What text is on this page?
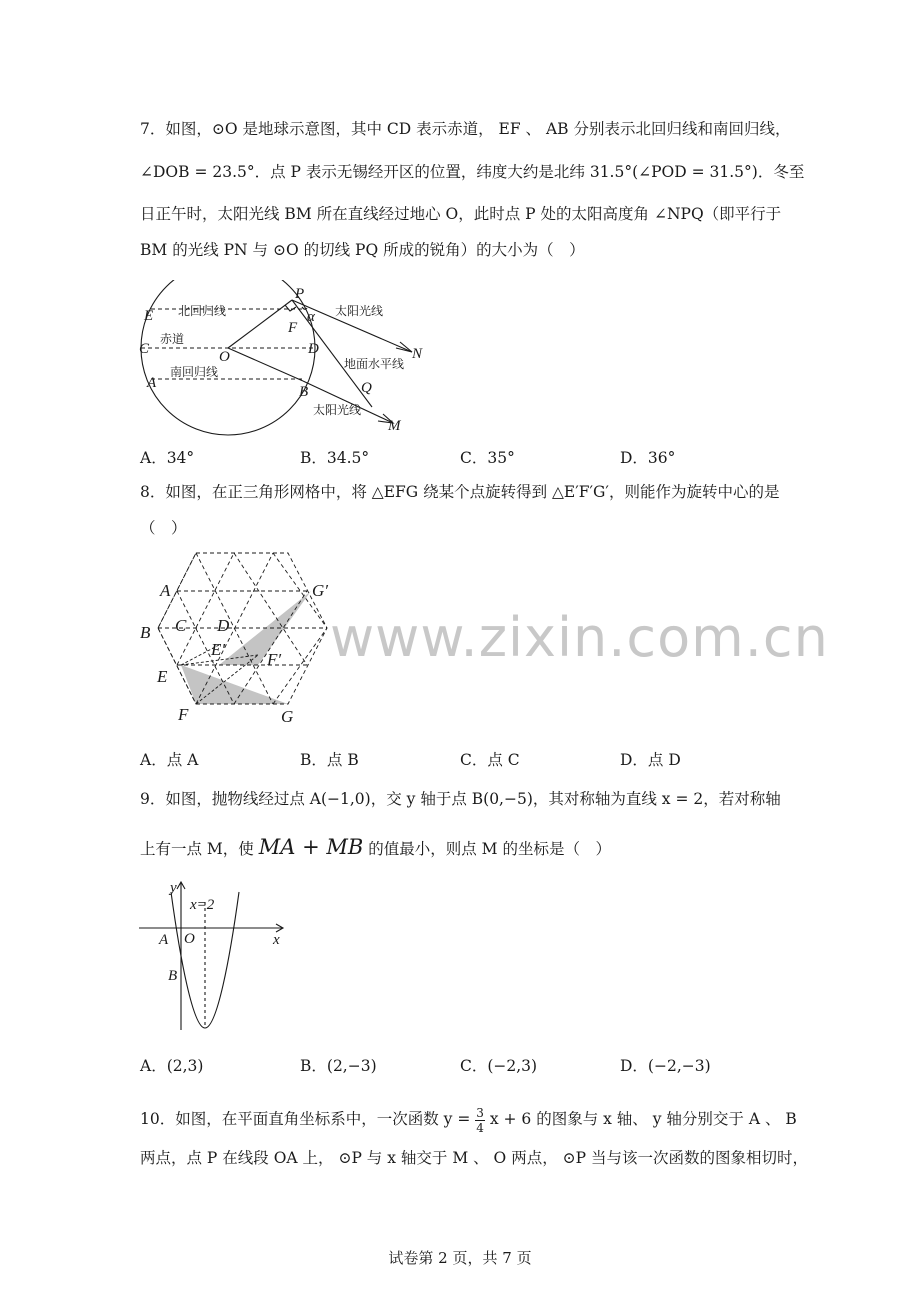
www.zixin.com.cn
7．如图，⊙O 是地球示意图，其中 CD 表示赤道， EF 、 AB 分别表示北回归线和南回归线，
∠DOB = 23.5°．点 P 表示无锡经开区的位置，纬度大约是北纬 31.5°(∠POD = 31.5°)．冬至
日正午时，太阳光线 BM 所在直线经过地心 O，此时点 P 处的太阳高度角 ∠NPQ（即平行于
BM 的光线 PN 与 ⊙O 的切线 PQ 所成的锐角）的大小为（　）
P
E
F
α
C	O	D	N
A
B	Q
M
北回归线	太阳光线
赤道
地面水平线
南回归线
太阳光线
A．34°	B．34.5°	C．35°	D．36°
8．如图，在正三角形网格中，将 △EFG 绕某个点旋转得到 △E′F′G′，则能作为旋转中心的是
（　）
A	G′
B C D
E′
F′
E
F	G
A．点 A	B．点 B	C．点 C	D．点 D
9．如图，抛物线经过点 A(−1,0)，交 y 轴于点 B(0,−5)，其对称轴为直线 x = 2，若对称轴
上有一点 M，使 MA + MB 的值最小，则点 M 的坐标是（　）
y
x=2
A O	x
B
A．(2,3)	B．(2,−3)	C．(−2,3)	D．(−2,−3)
10．如图，在平面直角坐标系中，一次函数 $y = \frac{3}{4}$ x + 6 的图象与 x 轴、 y 轴分别交于 A 、 B
两点，点 P 在线段 OA 上， ⊙P 与 x 轴交于 M 、 O 两点， ⊙P 当与该一次函数的图象相切时，
试卷第 2 页，共 7 页
